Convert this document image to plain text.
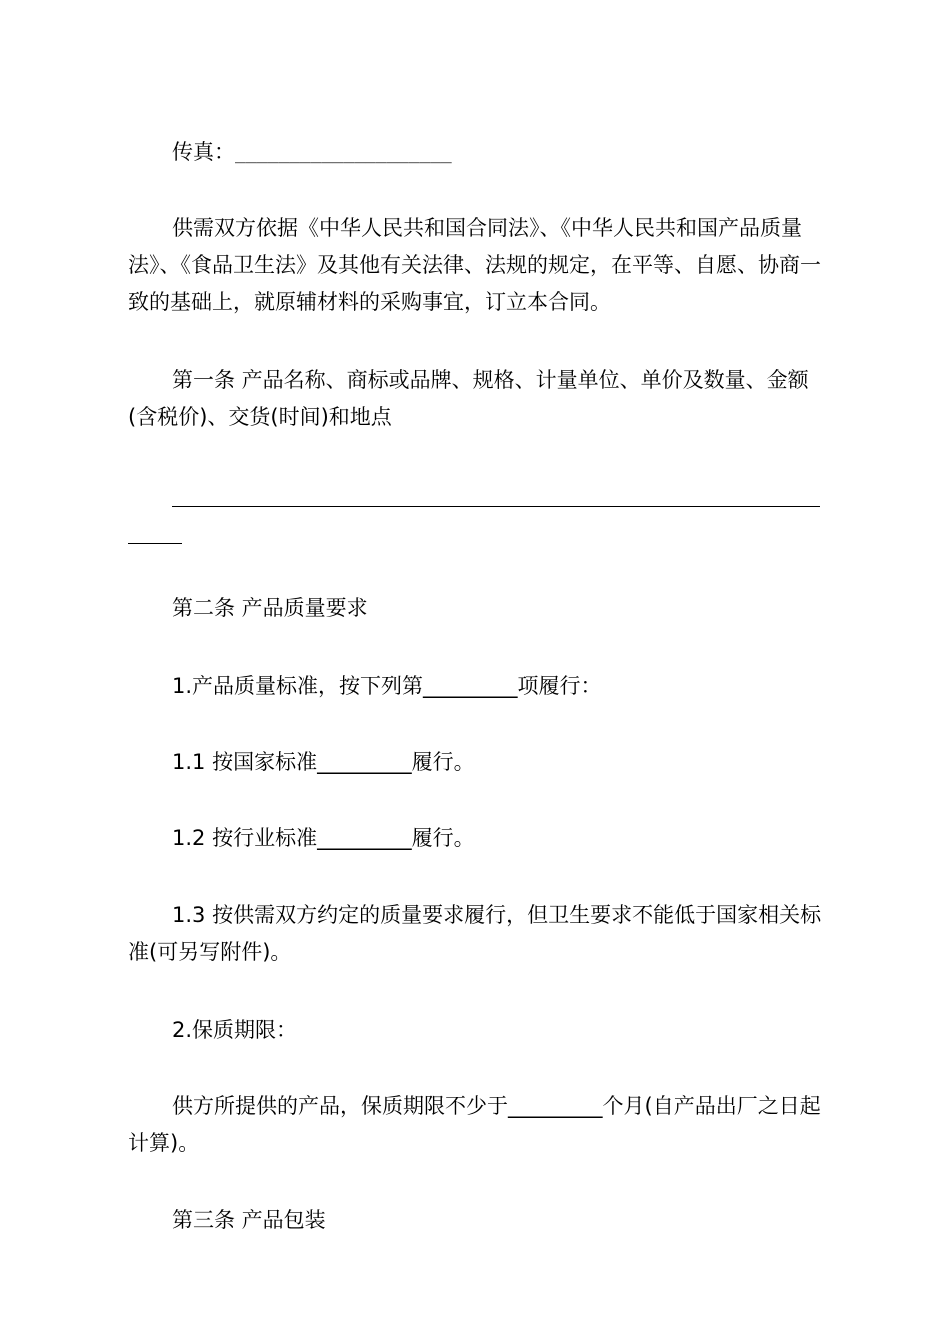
传真：____________________

供需双方依据《中华人民共和国合同法》、《中华人民共和国产品质量法》、《食品卫生法》及其他有关法律、法规的规定，在平等、自愿、协商一致的基础上，就原辅材料的采购事宜，订立本合同。

第一条 产品名称、商标或品牌、规格、计量单位、单价及数量、金额(含税价)、交货(时间)和地点

第二条 产品质量要求

1.产品质量标准，按下列第_________项履行：

1.1 按国家标准_________履行。

1.2 按行业标准_________履行。

1.3 按供需双方约定的质量要求履行，但卫生要求不能低于国家相关标准(可另写附件)。

2.保质期限：

供方所提供的产品，保质期限不少于_________个月(自产品出厂之日起计算)。

第三条 产品包装
